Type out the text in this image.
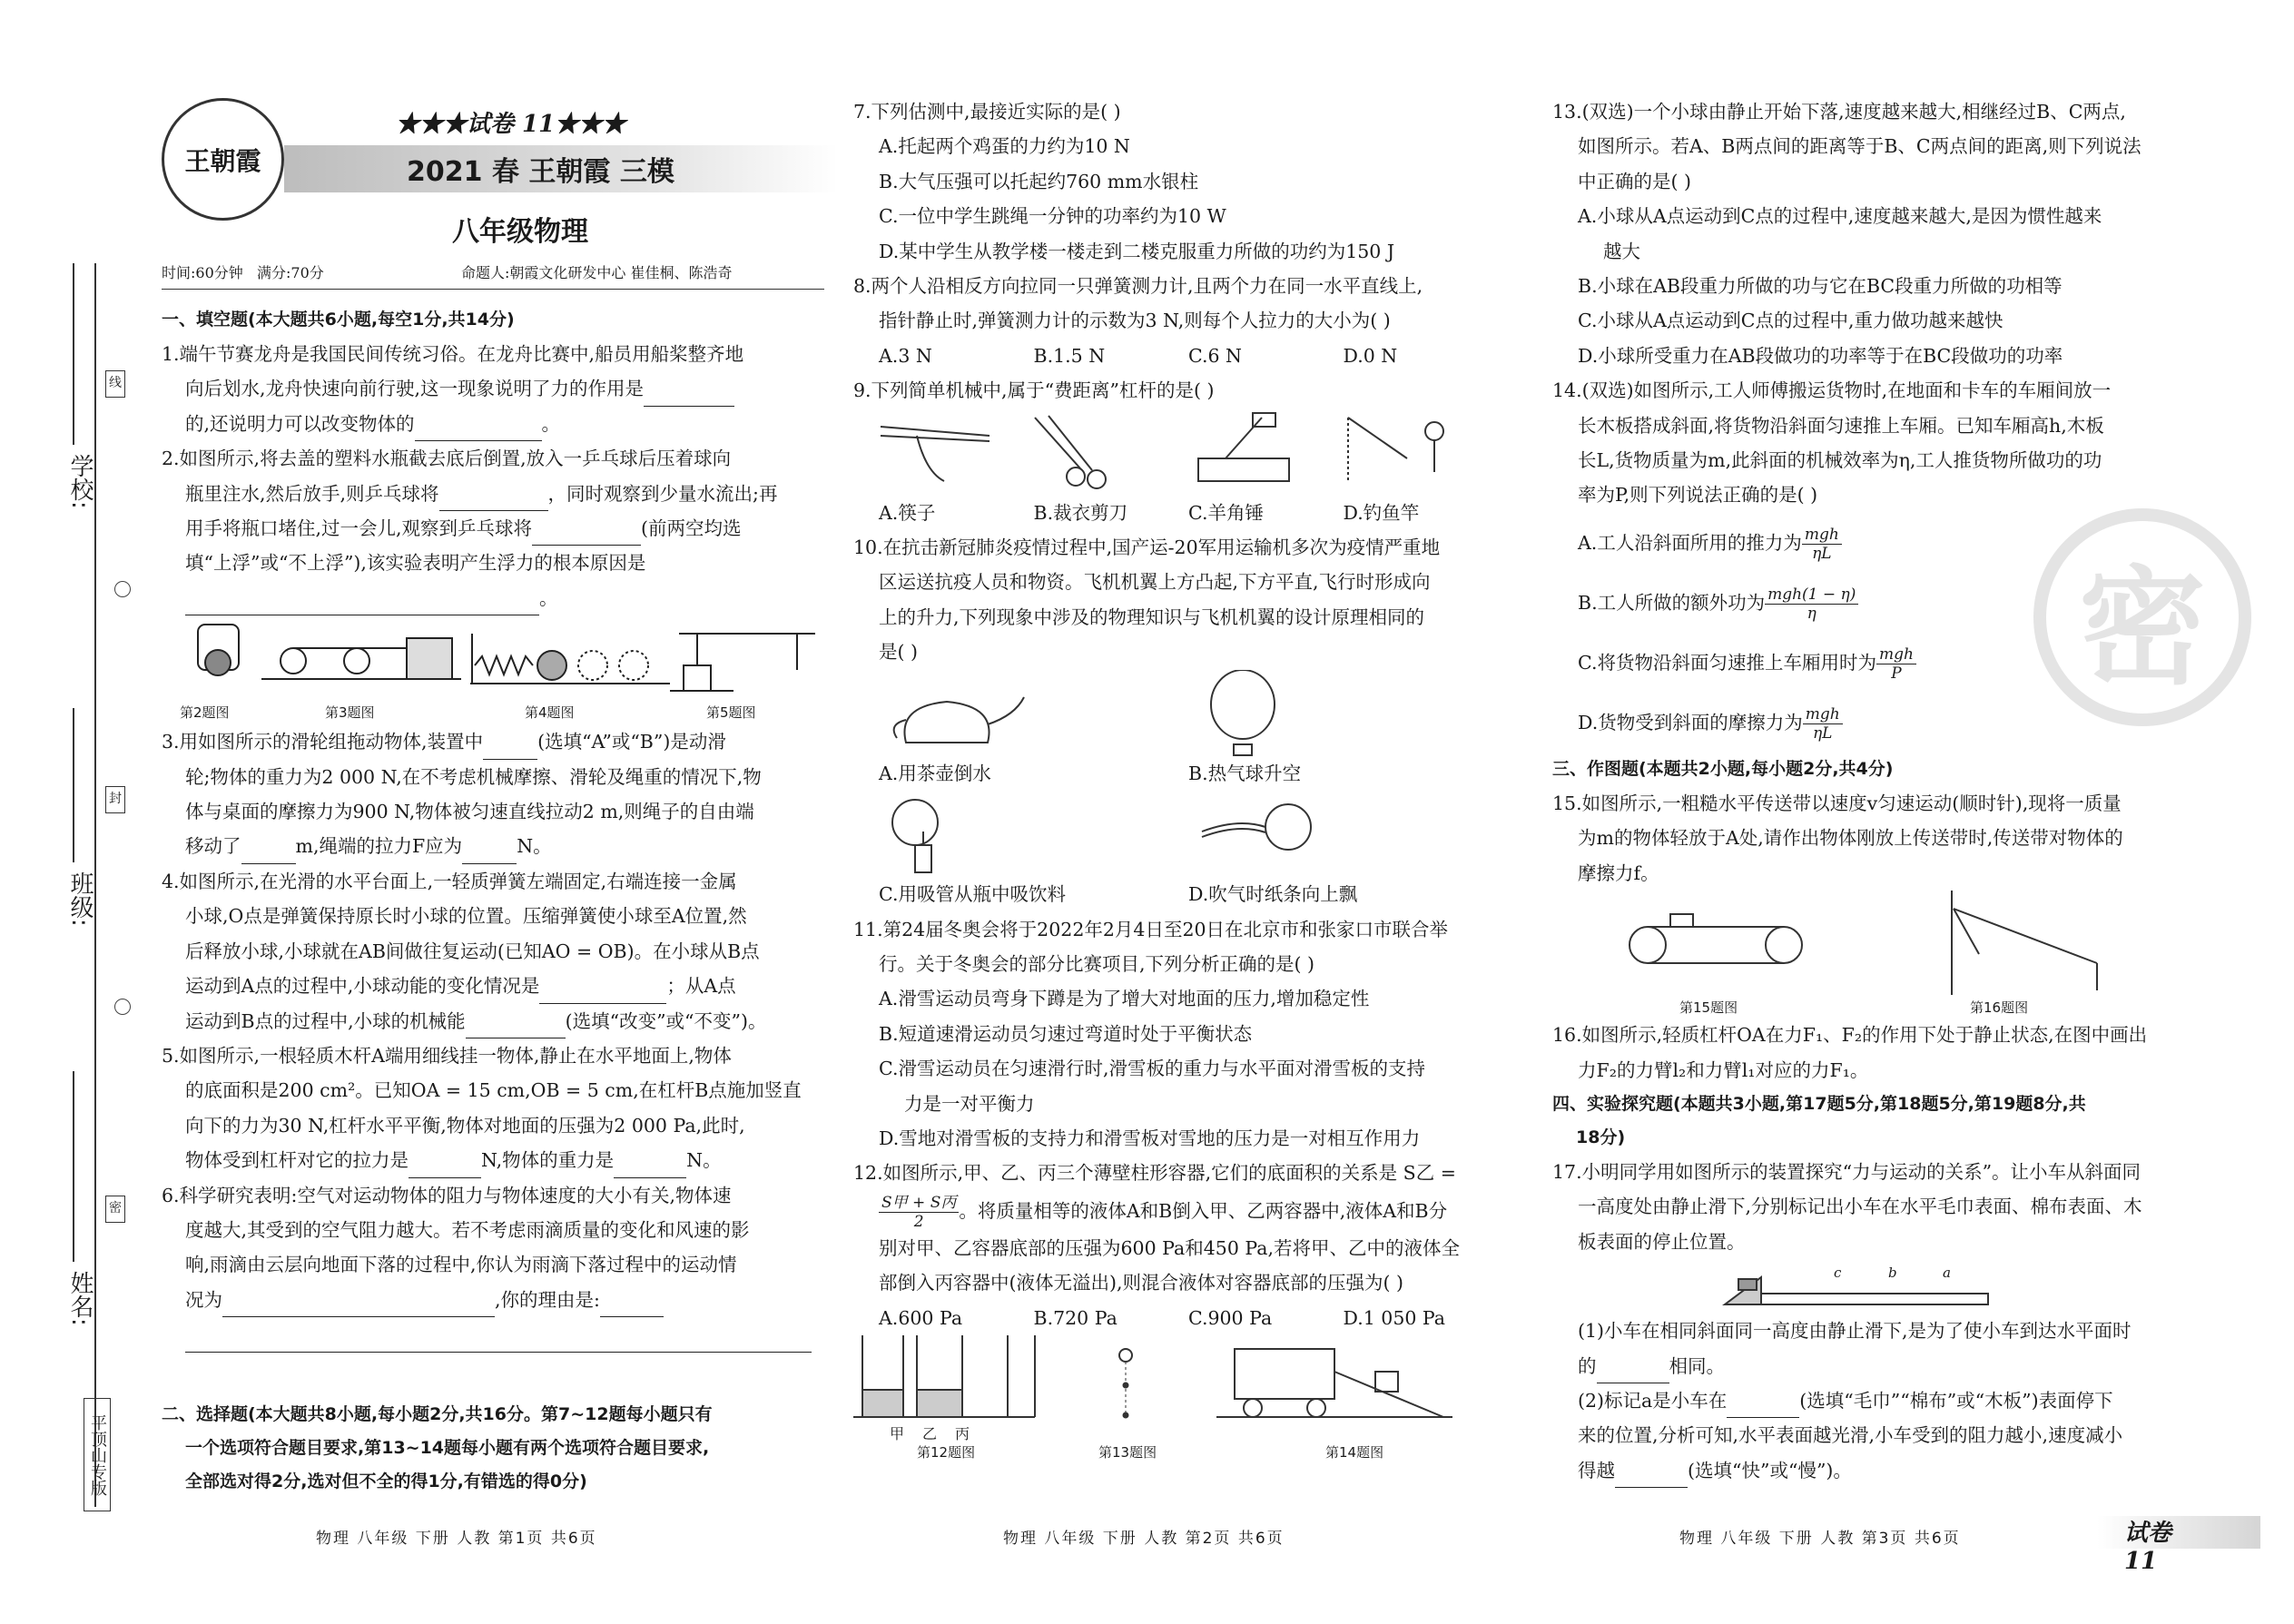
学校:
班级:
姓名:
线
封
密
平顶山专版
王朝霞
★★★试卷 11★★★
2021 春 王朝霞 三模
八年级物理
时间:60分钟 满分:70分	命题人:朝霞文化研发中心 崔佳桐、陈浩奇
一、填空题(本大题共6小题,每空1分,共14分)
1.端午节赛龙舟是我国民间传统习俗。在龙舟比赛中,船员用船桨整齐地
向后划水,龙舟快速向前行驶,这一现象说明了力的作用是
的,还说明力可以改变物体的	。
2.如图所示,将去盖的塑料水瓶截去底后倒置,放入一乒乓球后压着球向
瓶里注水,然后放手,则乒乓球将	，同时观察到少量水流出;再
用手将瓶口堵住,过一会儿,观察到乒乓球将	(前两空均选
填“上浮”或“不上浮”),该实验表明产生浮力的根本原因是
。
第2题图	第3题图	第4题图	第5题图
3.用如图所示的滑轮组拖动物体,装置中	(选填“A”或“B”)是动滑
轮;物体的重力为2 000 N,在不考虑机械摩擦、滑轮及绳重的情况下,物
体与桌面的摩擦力为900 N,物体被匀速直线拉动2 m,则绳子的自由端
移动了	m,绳端的拉力F应为	N。
4.如图所示,在光滑的水平台面上,一轻质弹簧左端固定,右端连接一金属
小球,O点是弹簧保持原长时小球的位置。压缩弹簧使小球至A位置,然
后释放小球,小球就在AB间做往复运动(已知AO = OB)。在小球从B点
运动到A点的过程中,小球动能的变化情况是	；从A点
运动到B点的过程中,小球的机械能	(选填“改变”或“不变”)。
5.如图所示,一根轻质木杆A端用细线挂一物体,静止在水平地面上,物体
的底面积是200 cm²。已知OA = 15 cm,OB = 5 cm,在杠杆B点施加竖直
向下的力为30 N,杠杆水平平衡,物体对地面的压强为2 000 Pa,此时,
物体受到杠杆对它的拉力是	N,物体的重力是	N。
6.科学研究表明:空气对运动物体的阻力与物体速度的大小有关,物体速
度越大,其受到的空气阻力越大。若不考虑雨滴质量的变化和风速的影
响,雨滴由云层向地面下落的过程中,你认为雨滴下落过程中的运动情
况为	,你的理由是:

二、选择题(本大题共8小题,每小题2分,共16分。第7~12题每小题只有
一个选项符合题目要求,第13~14题每小题有两个选项符合题目要求,
全部选对得2分,选对但不全的得1分,有错选的得0分)
物理 八年级 下册 人教 第1页 共6页
7.下列估测中,最接近实际的是( )
A.托起两个鸡蛋的力约为10 N
B.大气压强可以托起约760 mm水银柱
C.一位中学生跳绳一分钟的功率约为10 W
D.某中学生从教学楼一楼走到二楼克服重力所做的功约为150 J
8.两个人沿相反方向拉同一只弹簧测力计,且两个力在同一水平直线上,
指针静止时,弹簧测力计的示数为3 N,则每个人拉力的大小为( )
A.3 N	B.1.5 N	C.6 N	D.0 N
9.下列简单机械中,属于“费距离”杠杆的是( )
A.筷子	B.裁衣剪刀	C.羊角锤	D.钓鱼竿
10.在抗击新冠肺炎疫情过程中,国产运-20军用运输机多次为疫情严重地
区运送抗疫人员和物资。飞机机翼上方凸起,下方平直,飞行时形成向
上的升力,下列现象中涉及的物理知识与飞机机翼的设计原理相同的
是( )
A.用茶壶倒水	B.热气球升空
C.用吸管从瓶中吸饮料	D.吹气时纸条向上飘
11.第24届冬奥会将于2022年2月4日至20日在北京市和张家口市联合举
行。关于冬奥会的部分比赛项目,下列分析正确的是( )
A.滑雪运动员弯身下蹲是为了增大对地面的压力,增加稳定性
B.短道速滑运动员匀速过弯道时处于平衡状态
C.滑雪运动员在匀速滑行时,滑雪板的重力与水平面对滑雪板的支持
力是一对平衡力
D.雪地对滑雪板的支持力和滑雪板对雪地的压力是一对相互作用力
12.如图所示,甲、乙、丙三个薄壁柱形容器,它们的底面积的关系是 S乙 =
$\frac{\text{S甲 + S丙}}{2}$ 。将质量相等的液体A和B倒入甲、乙两容器中,液体A和B分
别对甲、乙容器底部的压强为600 Pa和450 Pa,若将甲、乙中的液体全
部倒入丙容器中(液体无溢出),则混合液体对容器底部的压强为( )
A.600 Pa	B.720 Pa	C.900 Pa	D.1 050 Pa
甲乙丙
第12题图	第13题图	第14题图
物理 八年级 下册 人教 第2页 共6页
密
13.(双选)一个小球由静止开始下落,速度越来越大,相继经过B、C两点,
如图所示。若A、B两点间的距离等于B、C两点间的距离,则下列说法
中正确的是( )
A.小球从A点运动到C点的过程中,速度越来越大,是因为惯性越来
越大
B.小球在AB段重力所做的功与它在BC段重力所做的功相等
C.小球从A点运动到C点的过程中,重力做功越来越快
D.小球所受重力在AB段做功的功率等于在BC段做功的功率
14.(双选)如图所示,工人师傅搬运货物时,在地面和卡车的车厢间放一
长木板搭成斜面,将货物沿斜面匀速推上车厢。已知车厢高h,木板
长L,货物质量为m,此斜面的机械效率为η,工人推货物所做功的功
率为P,则下列说法正确的是( )
A.工人沿斜面所用的推力为 $\frac{\text{mgh}}{\eta L}$
B.工人所做的额外功为 $\frac{\text{mgh(1 − η)}}{\eta}$
C.将货物沿斜面匀速推上车厢用时为 $\frac{\text{mgh}}{P}$
D.货物受到斜面的摩擦力为 $\frac{\text{mgh}}{\eta L}$
三、作图题(本题共2小题,每小题2分,共4分)
15.如图所示,一粗糙水平传送带以速度v匀速运动(顺时针),现将一质量
为m的物体轻放于A处,请作出物体刚放上传送带时,传送带对物体的
摩擦力f。
第15题图	第16题图
16.如图所示,轻质杠杆OA在力F₁、F₂的作用下处于静止状态,在图中画出
力F₂的力臂l₂和力臂l₁对应的力F₁。
四、实验探究题(本题共3小题,第17题5分,第18题5分,第19题8分,共
18分)
17.小明同学用如图所示的装置探究“力与运动的关系”。让小车从斜面同
一高度处由静止滑下,分别标记出小车在水平毛巾表面、棉布表面、木
板表面的停止位置。
c	b	a
(1)小车在相同斜面同一高度由静止滑下,是为了使小车到达水平面时
的	相同。
(2)标记a是小车在	(选填“毛巾”“棉布”或“木板”)表面停下
来的位置,分析可知,水平表面越光滑,小车受到的阻力越小,速度减小
得越	(选填“快”或“慢”)。
物理 八年级 下册 人教 第3页 共6页	试卷 11
